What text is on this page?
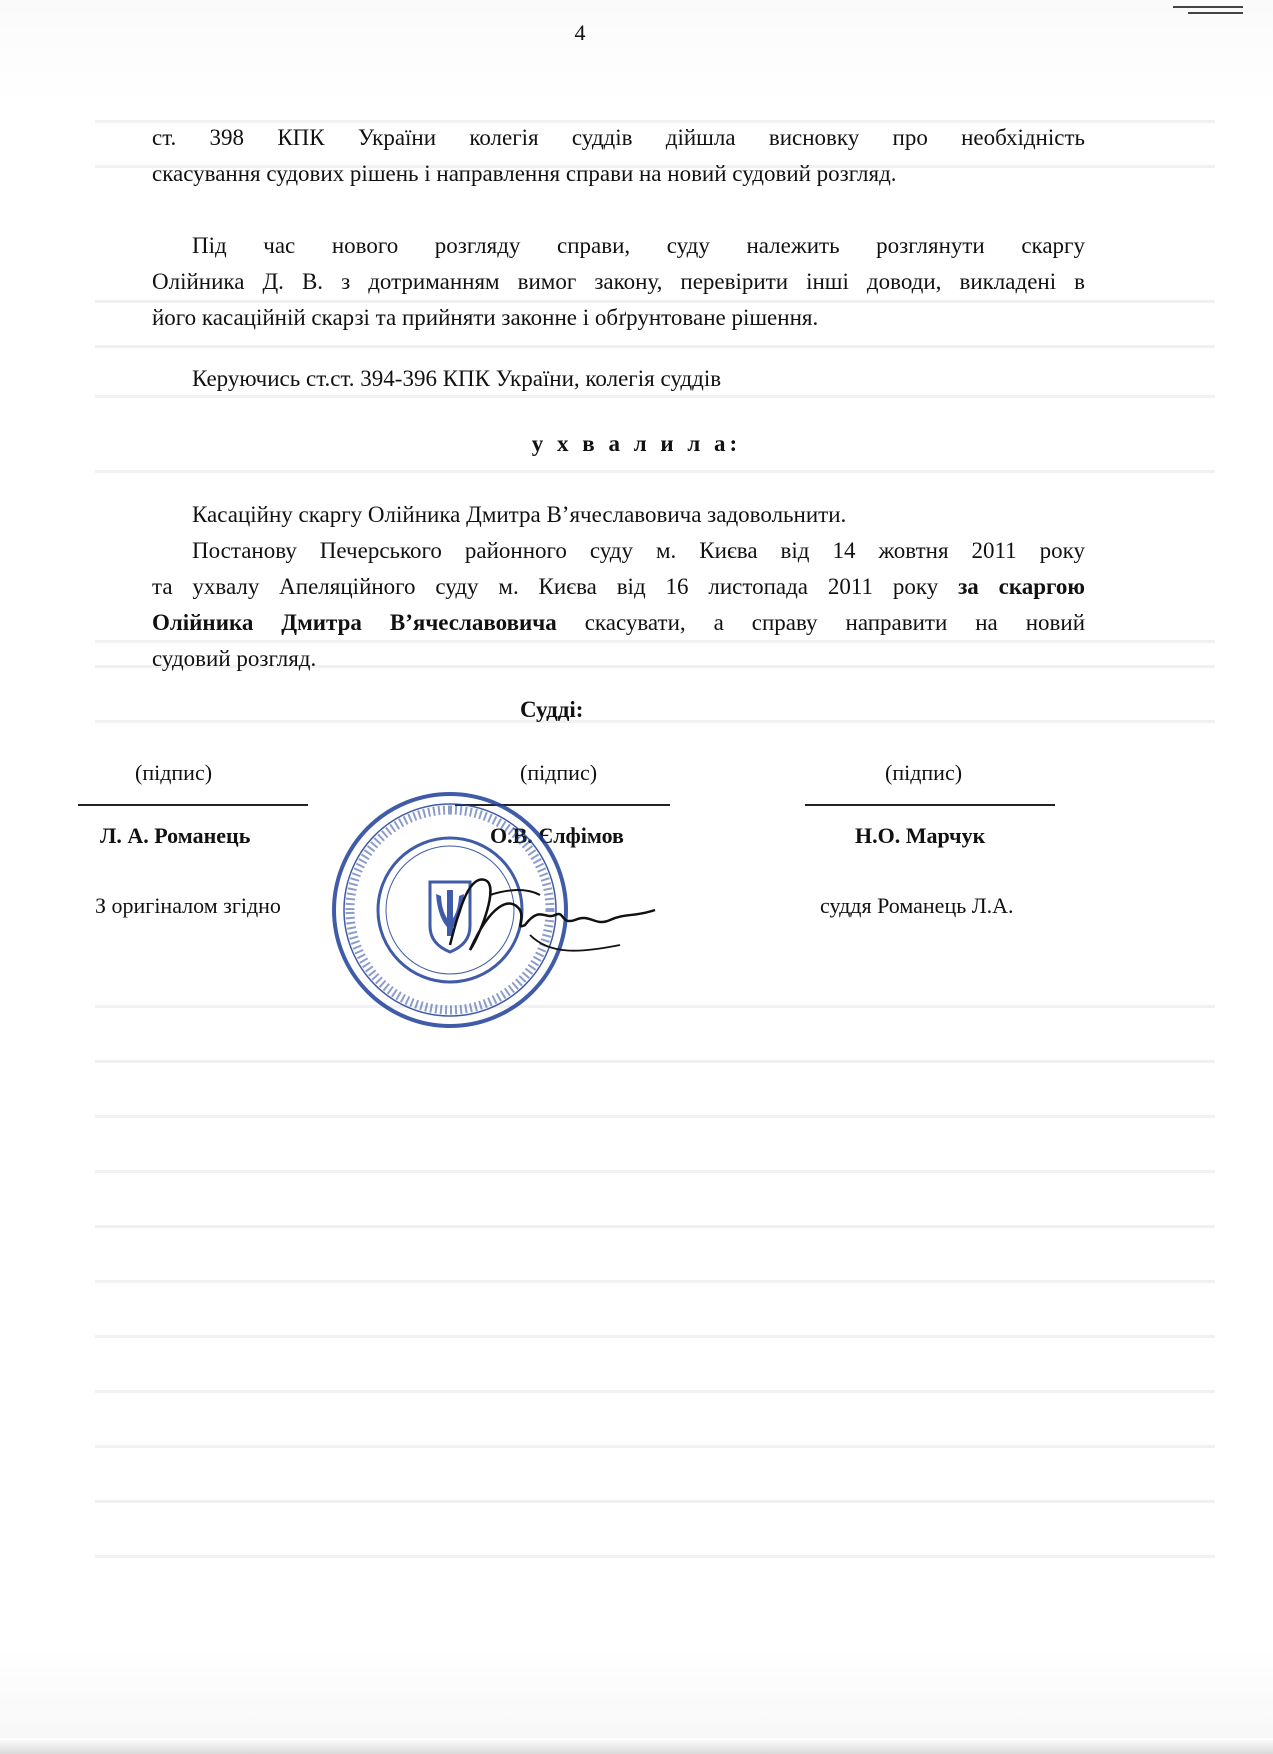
4
ст. 398 КПК України колегія суддів дійшла висновку про необхідність
скасування судових рішень і направлення справи на новий судовий розгляд.
Під час нового розгляду справи, суду належить розглянути скаргу
Олійника Д. В. з дотриманням вимог закону, перевірити інші доводи, викладені в
його касаційній скарзі та прийняти законне і обґрунтоване рішення.
Керуючись ст.ст. 394-396 КПК України, колегія суддів
у х в а л и л а:
Касаційну скаргу Олійника Дмитра В’ячеславовича задовольнити.
Постанову Печерського районного суду м. Києва від 14 жовтня 2011 року
та ухвалу Апеляційного суду м. Києва від 16 листопада 2011 року за скаргою
Олійника Дмитра В’ячеславовича скасувати, а справу направити на новий
судовий розгляд.
Судді:
(підпис)	(підпис)	(підпис)
Л. А. Романець	О.В. Єлфімов	Н.О. Марчук
З оригіналом згідно	суддя Романець Л.А.
